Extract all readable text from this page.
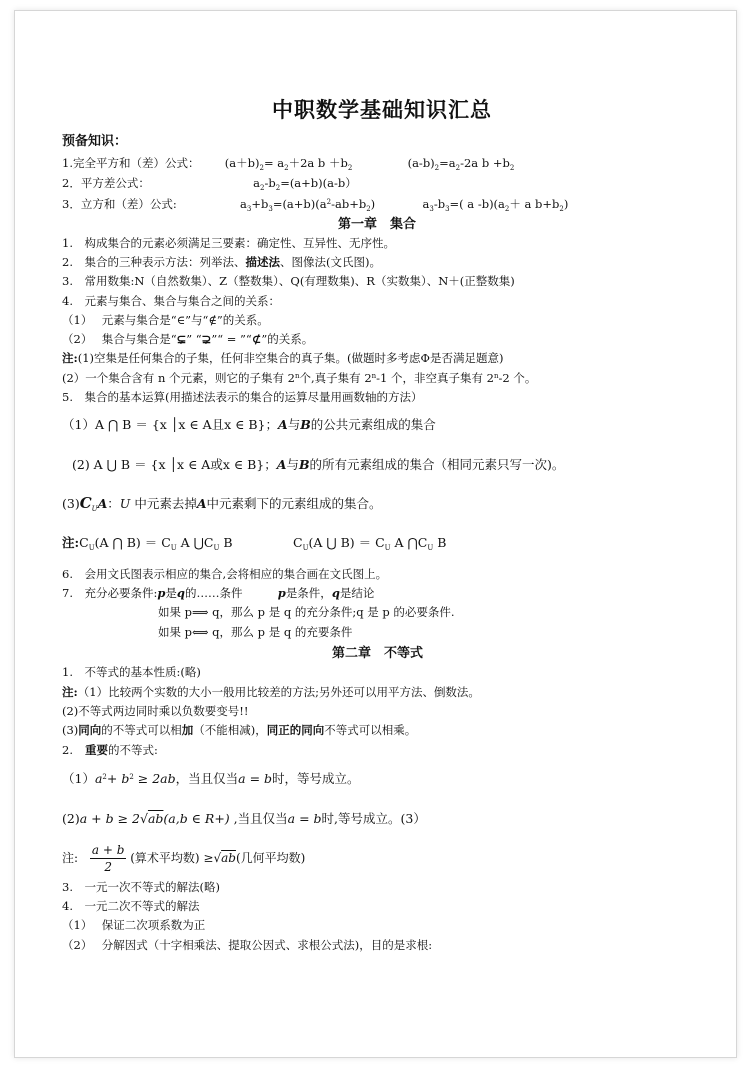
中职数学基础知识汇总
预备知识：
1.完全平方和（差）公式： $(a+b)_2= a_2+2a$ $b +b_2$	$(a-b)_2=a_2-2a$ $b +b_2$
2．平方差公式：	$a_2-b_2=(a+b)(a-b)$
3．立方和（差）公式:	$a_3+b_3=(a+b)(a^2-ab+b_2)$	$a_3-b_3=$( a $-b)(a_2+ a$ $b+b_2$)
第一章　集合
1.　构成集合的元素必须满足三要素：确定性、互异性、无序性。
2.　集合的三种表示方法：列举法、描述法、图像法(文氏图)。
3.　常用数集:N（自然数集）、Z（整数集）、Q(有理数集)、R（实数集）、N＋(正整数集)
4.　元素与集合、集合与集合之间的关系：
（1）　 元素与集合是“∈”与“∉”的关系。
（2）　 集合与集合是“⊊” “⊋”“ = ”“⊄”的关系。
注:(1)空集是任何集合的子集，任何非空集合的真子集。(做题时多考虑Φ是否满足题意)
(2）一个集合含有 n 个元素，则它的子集有 2$^n$个,真子集有 2$^n$-1 个，非空真子集有 2$^n$-2 个。
5.　集合的基本运算(用描述法表示的集合的运算尽量用画数轴的方法）
（1）A ⋂ B ＝ {x │x ∈ A且x ∈ B}；A与B的公共元素组成的集合
(2) A ⋃ B ＝ {x │x ∈ A或x ∈ B}；A与B的所有元素组成的集合（相同元素只写一次)。
$(3)C_UA$：U 中元素去掉A中元素剩下的元素组成的集合。
注$:C_U(A$ ⋂ $B) = C_U$ A $⋃C_U$ B	$C_U(A$ ⋃ $B) = C_U$ A $⋂C_U$ B
6.　会用文氏图表示相应的集合,会将相应的集合画在文氏图上。
7.　充分必要条件:p是q的……条件	p是条件，q是结论
如果 p⟹ q，那么 p 是 q 的充分条件;q 是 p 的必要条件.
如果 p⟺ q，那么 p 是 q 的充要条件
第二章　不等式
1.　不等式的基本性质:(略)
注:（1）比较两个实数的大小一般用比较差的方法;另外还可以用平方法、倒数法。
(2)不等式两边同时乘以负数要变号!!
(3)同向的不等式可以相加（不能相减)，同正的同向不等式可以相乘。
2. 重要的不等式:
$(1)a^2+ b^2 \ge 2ab$，当且仅当a = b时，等号成立。
(2)a + b ≥ 2√ab(a,b ∈ R+) ,当且仅当a = b时,等号成立。(3）
注: $\frac{a + b}{2}$ (算术平均数) ≥√ab(几何平均数)
3.　一元一次不等式的解法(略)
4.　一元二次不等式的解法
（1）　 保证二次项系数为正
（2）　 分解因式（十字相乘法、提取公因式、求根公式法)，目的是求根:
